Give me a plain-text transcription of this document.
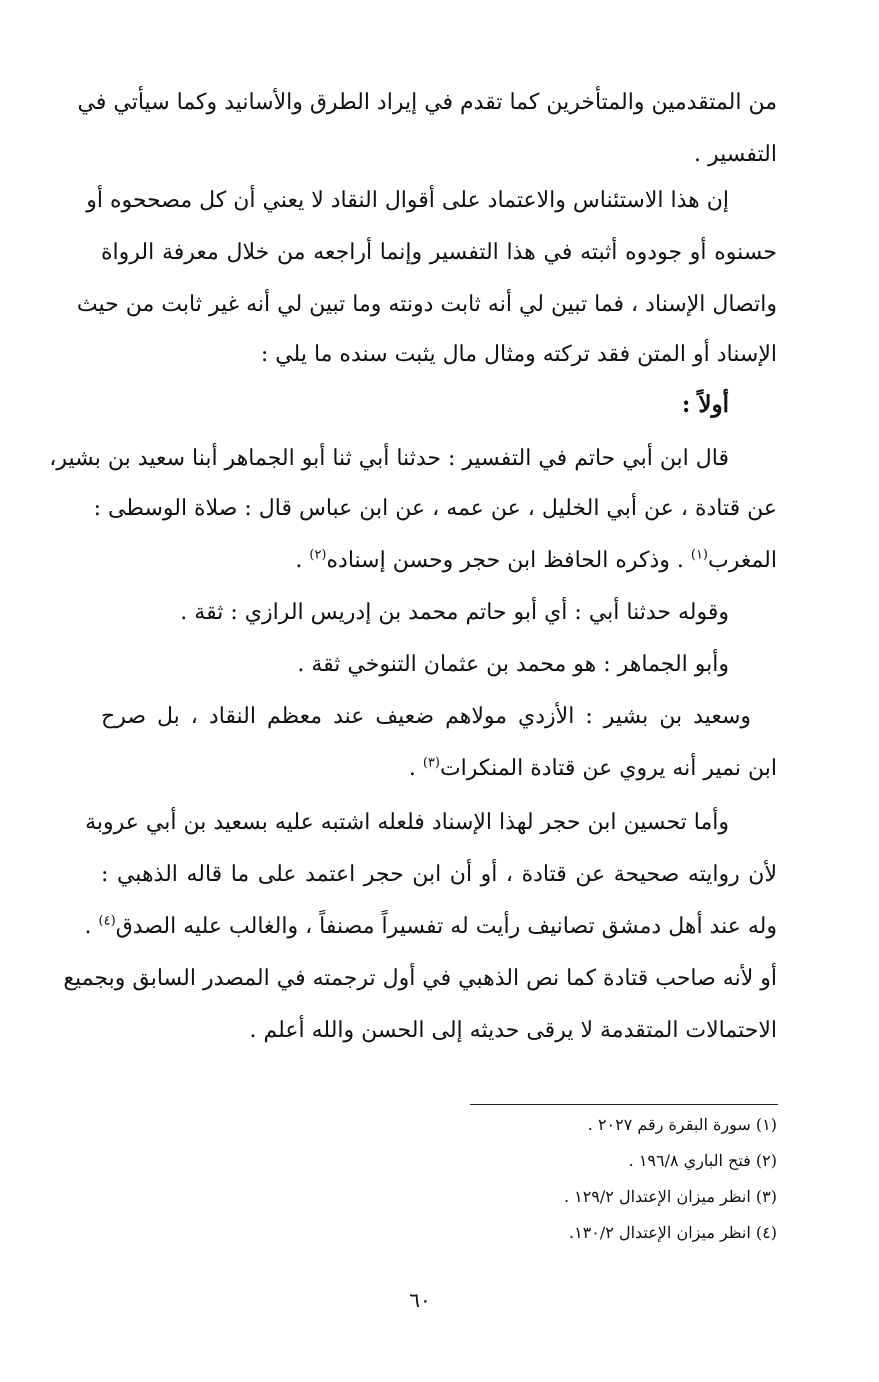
من المتقدمين والمتأخرين كما تقدم في إيراد الطرق والأسانيد وكما سيأتي في
التفسير .
إن هذا الاستئناس والاعتماد على أقوال النقاد لا يعني أن كل مصححوه أو
حسنوه أو جودوه أثبته في هذا التفسير وإنما أراجعه من خلال معرفة الرواة
واتصال الإسناد ، فما تبين لي أنه ثابت دونته وما تبين لي أنه غير ثابت من حيث
الإسناد أو المتن فقد تركته ومثال مال يثبت سنده ما يلي :
أولاً :
قال ابن أبي حاتم في التفسير : حدثنا أبي ثنا أبو الجماهر أبنا سعيد بن بشير،
عن قتادة ، عن أبي الخليل ، عن عمه ، عن ابن عباس قال : صلاة الوسطى :
المغرب$^{(١)}$ . وذكره الحافظ ابن حجر وحسن إسناده$^{(٢)}$ .
وقوله حدثنا أبي : أي أبو حاتم محمد بن إدريس الرازي : ثقة .
وأبو الجماهر : هو محمد بن عثمان التنوخي ثقة .
وسعيد بن بشير : الأزدي مولاهم ضعيف عند معظم النقاد ، بل صرح
ابن نمير أنه يروي عن قتادة المنكرات$^{(٣)}$ .
وأما تحسين ابن حجر لهذا الإسناد فلعله اشتبه عليه بسعيد بن أبي عروبة
لأن روايته صحيحة عن قتادة ، أو أن ابن حجر اعتمد على ما قاله الذهبي :
وله عند أهل دمشق تصانيف رأيت له تفسيراً مصنفاً ، والغالب عليه الصدق$^{(٤)}$ .
أو لأنه صاحب قتادة كما نص الذهبي في أول ترجمته في المصدر السابق وبجميع
الاحتمالات المتقدمة لا يرقى حديثه إلى الحسن والله أعلم .
(١) سورة البقرة رقم ٢٠٢٧ .
(٢) فتح الباري ١٩٦/٨ .
(٣) انظر ميزان الإعتدال ١٢٩/٢ .
(٤) انظر ميزان الإعتدال ١٣٠/٢.
٦٠
